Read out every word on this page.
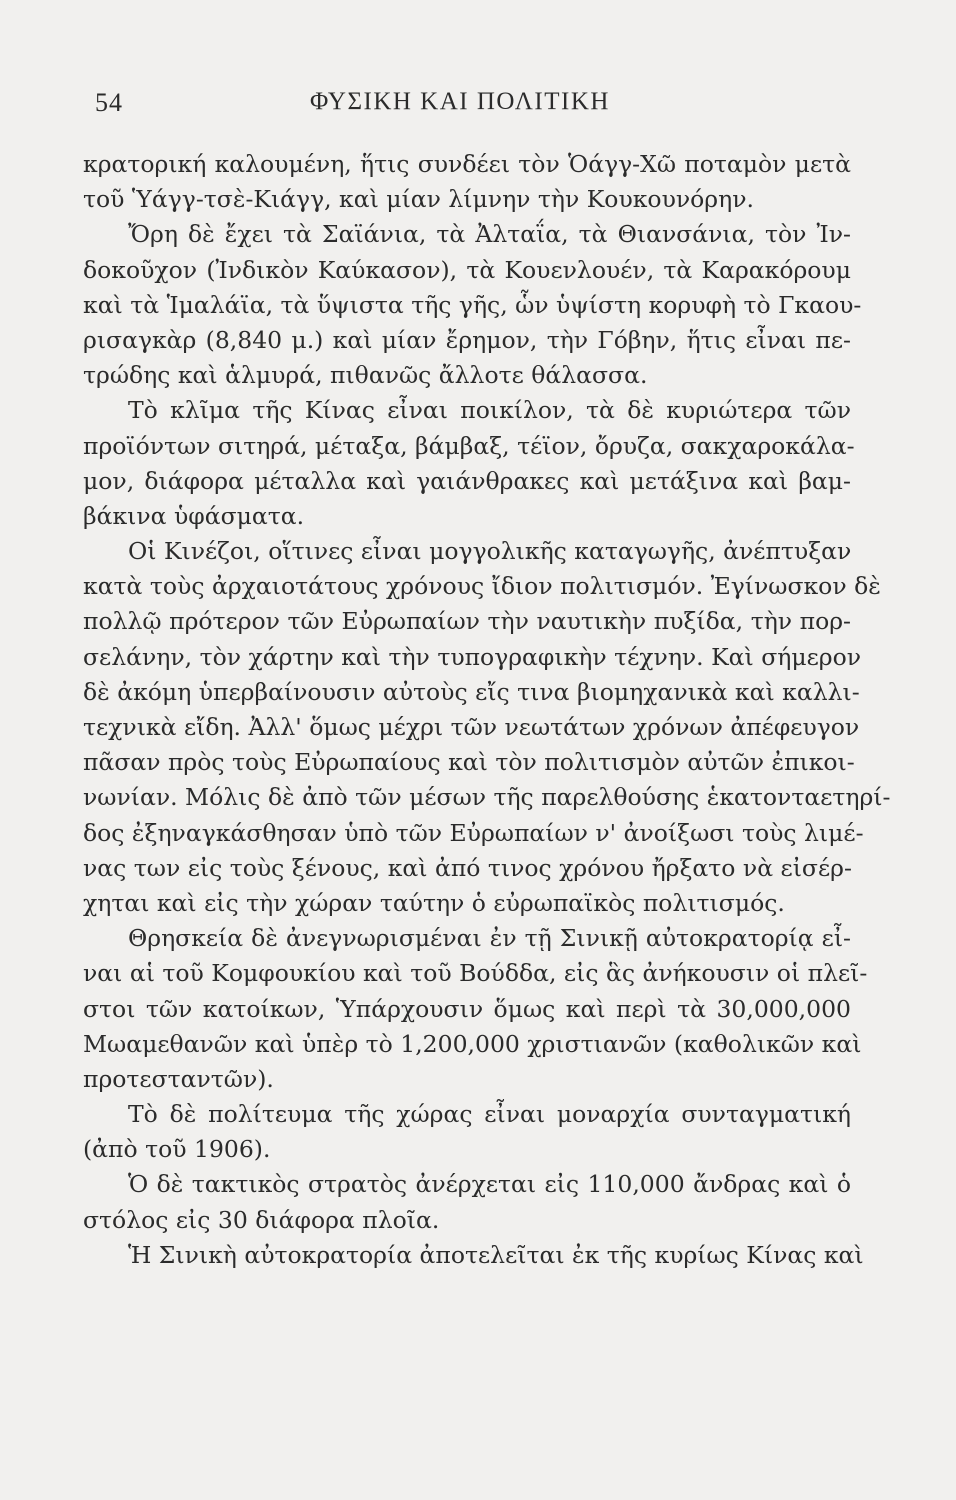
54	ΦΥΣΙΚΗ ΚΑΙ ΠΟΛΙΤΙΚΗ
κρατορική καλουμένη, ἥτις συνδέει τὸν Ὁάγγ-Χῶ ποταμὸν μετὰ
τοῦ Ὑάγγ-τσὲ-Κιάγγ, καὶ μίαν λίμνην τὴν Κουκουνόρην.
Ὄρη δὲ ἔχει τὰ Σαϊάνια, τὰ Ἀλταΐα, τὰ Θιανσάνια, τὸν Ἰν-
δοκοῦχον (Ἰνδικὸν Καύκασον), τὰ Κουενλουέν, τὰ Καρακόρουμ
καὶ τὰ Ἱμαλάϊα, τὰ ὕψιστα τῆς γῆς, ὧν ὑψίστη κορυφὴ τὸ Γκαου-
ρισαγκὰρ (8,840 μ.) καὶ μίαν ἔρημον, τὴν Γόβην, ἥτις εἶναι πε-
τρώδης καὶ ἁλμυρά, πιθανῶς ἄλλοτε θάλασσα.
Τὸ κλῖμα τῆς Κίνας εἶναι ποικίλον, τὰ δὲ κυριώτερα τῶν
προϊόντων σιτηρά, μέταξα, βάμβαξ, τέϊον, ὄρυζα, σακχαροκάλα-
μον, διάφορα μέταλλα καὶ γαιάνθρακες καὶ μετάξινα καὶ βαμ-
βάκινα ὑφάσματα.
Οἱ Κινέζοι, οἵτινες εἶναι μογγολικῆς καταγωγῆς, ἀνέπτυξαν
κατὰ τοὺς ἀρχαιοτάτους χρόνους ἴδιον πολιτισμόν. Ἐγίνωσκον δὲ
πολλῷ πρότερον τῶν Εὐρωπαίων τὴν ναυτικὴν πυξίδα, τὴν πορ-
σελάνην, τὸν χάρτην καὶ τὴν τυπογραφικὴν τέχνην. Καὶ σήμερον
δὲ ἀκόμη ὑπερβαίνουσιν αὐτοὺς εἴς τινα βιομηχανικὰ καὶ καλλι-
τεχνικὰ εἴδη. Ἀλλ' ὅμως μέχρι τῶν νεωτάτων χρόνων ἀπέφευγον
πᾶσαν πρὸς τοὺς Εὐρωπαίους καὶ τὸν πολιτισμὸν αὐτῶν ἐπικοι-
νωνίαν. Μόλις δὲ ἀπὸ τῶν μέσων τῆς παρελθούσης ἑκατονταετηρί-
δος ἐξηναγκάσθησαν ὑπὸ τῶν Εὐρωπαίων ν' ἀνοίξωσι τοὺς λιμέ-
νας των εἰς τοὺς ξένους, καὶ ἀπό τινος χρόνου ἤρξατο νὰ εἰσέρ-
χηται καὶ εἰς τὴν χώραν ταύτην ὁ εὐρωπαϊκὸς πολιτισμός.
Θρησκεία δὲ ἀνεγνωρισμέναι ἐν τῇ Σινικῇ αὐτοκρατορίᾳ εἶ-
ναι αἱ τοῦ Κομφουκίου καὶ τοῦ Βούδδα, εἰς ἃς ἀνήκουσιν οἱ πλεῖ-
στοι τῶν κατοίκων, Ὑπάρχουσιν ὅμως καὶ περὶ τὰ 30,000,000
Μωαμεθανῶν καὶ ὑπὲρ τὸ 1,200,000 χριστιανῶν (καθολικῶν καὶ
προτεσταντῶν).
Τὸ δὲ πολίτευμα τῆς χώρας εἶναι μοναρχία συνταγματική
(ἀπὸ τοῦ 1906).
Ὁ δὲ τακτικὸς στρατὸς ἀνέρχεται εἰς 110,000 ἄνδρας καὶ ὁ
στόλος εἰς 30 διάφορα πλοῖα.
Ἡ Σινικὴ αὐτοκρατορία ἀποτελεῖται ἐκ τῆς κυρίως Κίνας καὶ
